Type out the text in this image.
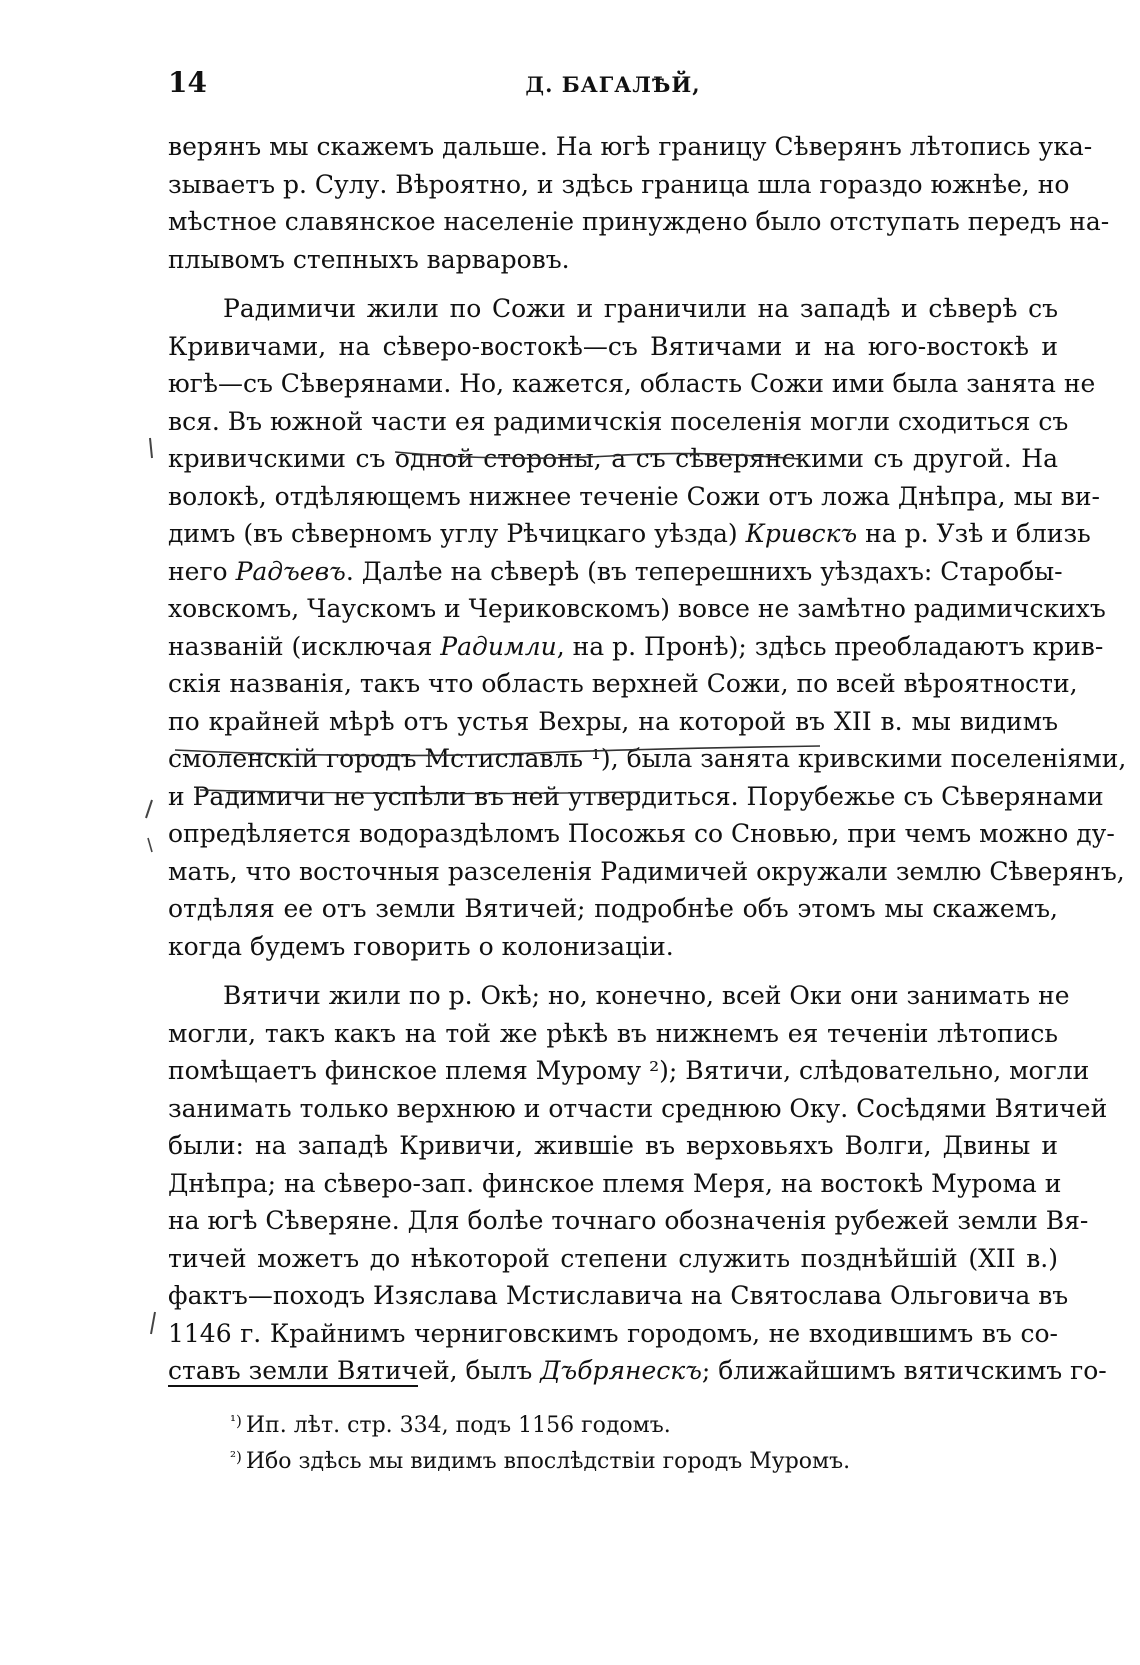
14	Д. БАГАЛѢЙ,
верянъ мы скажемъ дальше. На югѣ границу Сѣверянъ лѣтопись ука-
зываетъ р. Сулу. Вѣроятно, и здѣсь граница шла гораздо южнѣе, но
мѣстное славянское населеніе принуждено было отступать передъ на-
плывомъ степныхъ варваровъ.
Радимичи жили по Сожи и граничили на западѣ и сѣверѣ съ
Кривичами, на сѣверо-востокѣ—съ Вятичами и на юго-востокѣ и
югѣ—съ Сѣверянами. Но, кажется, область Сожи ими была занята не
вся. Въ южной части ея радимичскія поселенія могли сходиться съ
кривичскими съ одной стороны, а съ сѣверянскими съ другой. На
волокѣ, отдѣляющемъ нижнее теченіе Сожи отъ ложа Днѣпра, мы ви-
димъ (въ сѣверномъ углу Рѣчицкаго уѣзда) Кривскъ на р. Узѣ и близь
него Радъевъ. Далѣе на сѣверѣ (въ теперешнихъ уѣздахъ: Старобы-
ховскомъ, Чаускомъ и Чериковскомъ) вовсе не замѣтно радимичскихъ
названій (исключая Радимли, на р. Пронѣ); здѣсь преобладаютъ крив-
скія названія, такъ что область верхней Сожи, по всей вѣроятности,
по крайней мѣрѣ отъ устья Вехры, на которой въ XII в. мы видимъ
смоленскій городъ Мстиславль ¹), была занята кривскими поселеніями,
и Радимичи не успѣли въ ней утвердиться. Порубежье съ Сѣверянами
опредѣляется водораздѣломъ Посожья со Сновью, при чемъ можно ду-
мать, что восточныя разселенія Радимичей окружали землю Сѣверянъ,
отдѣляя ее отъ земли Вятичей; подробнѣе объ этомъ мы скажемъ,
когда будемъ говорить о колонизаціи.
Вятичи жили по р. Окѣ; но, конечно, всей Оки они занимать не
могли, такъ какъ на той же рѣкѣ въ нижнемъ ея теченіи лѣтопись
помѣщаетъ финское племя Мурому ²); Вятичи, слѣдовательно, могли
занимать только верхнюю и отчасти среднюю Оку. Сосѣдями Вятичей
были: на западѣ Кривичи, жившіе въ верховьяхъ Волги, Двины и
Днѣпра; на сѣверо-зап. финское племя Меря, на востокѣ Мурома и
на югѣ Сѣверяне. Для болѣе точнаго обозначенія рубежей земли Вя-
тичей можетъ до нѣкоторой степени служить позднѣйшій (XII в.)
фактъ—походъ Изяслава Мстиславича на Святослава Ольговича въ
1146 г. Крайнимъ черниговскимъ городомъ, не входившимъ въ со-
ставъ земли Вятичей, былъ Дъбрянескъ; ближайшимъ вятичскимъ го-
$^{^1)}$ Ип. лѣт. стр. 334, подъ 1156 годомъ.
$^{^2)}$ Ибо здѣсь мы видимъ впослѣдствіи городъ Муромъ.
